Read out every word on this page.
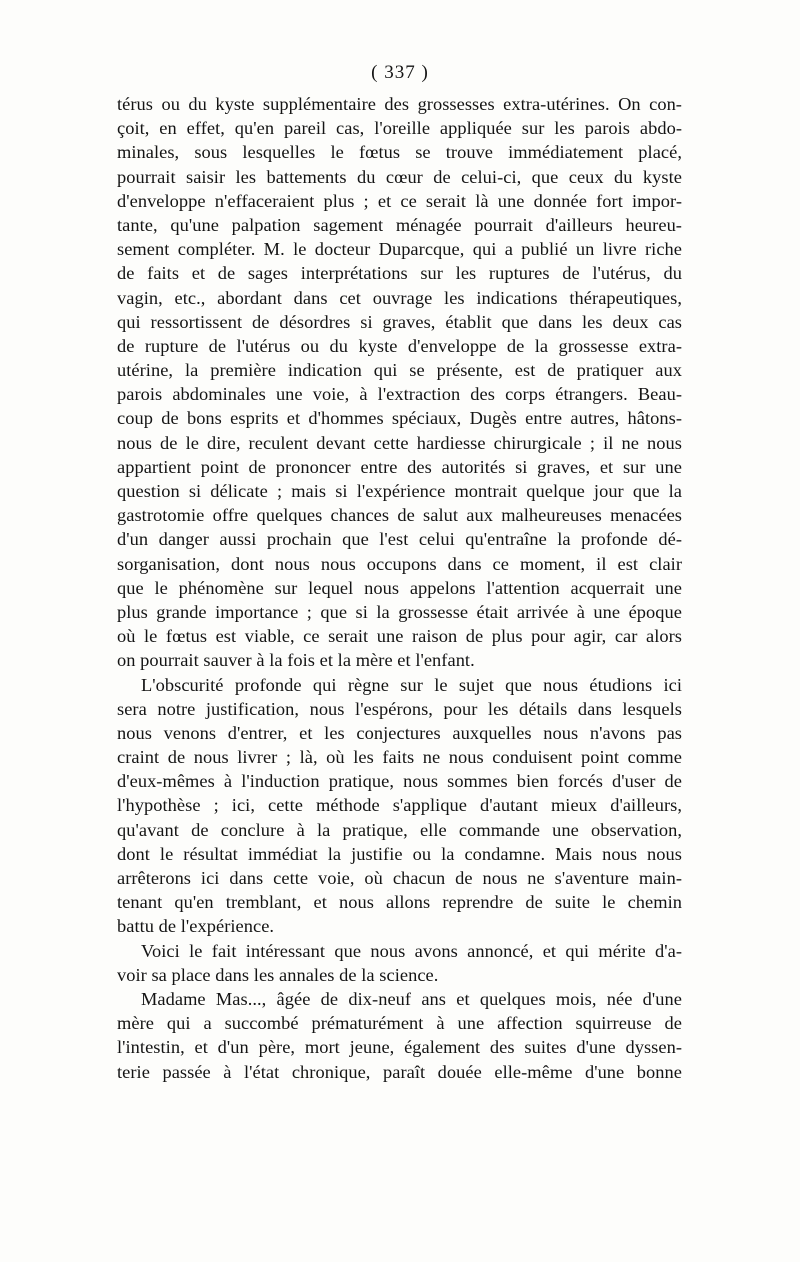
( 337 )
térus ou du kyste supplémentaire des grossesses extra-utérines. On con-
çoit, en effet, qu'en pareil cas, l'oreille appliquée sur les parois abdo-
minales, sous lesquelles le fœtus se trouve immédiatement placé,
pourrait saisir les battements du cœur de celui-ci, que ceux du kyste
d'enveloppe n'effaceraient plus ; et ce serait là une donnée fort impor-
tante, qu'une palpation sagement ménagée pourrait d'ailleurs heureu-
sement compléter. M. le docteur Duparcque, qui a publié un livre riche
de faits et de sages interprétations sur les ruptures de l'utérus, du
vagin, etc., abordant dans cet ouvrage les indications thérapeutiques,
qui ressortissent de désordres si graves, établit que dans les deux cas
de rupture de l'utérus ou du kyste d'enveloppe de la grossesse extra-
utérine, la première indication qui se présente, est de pratiquer aux
parois abdominales une voie, à l'extraction des corps étrangers. Beau-
coup de bons esprits et d'hommes spéciaux, Dugès entre autres, hâtons-
nous de le dire, reculent devant cette hardiesse chirurgicale ; il ne nous
appartient point de prononcer entre des autorités si graves, et sur une
question si délicate ; mais si l'expérience montrait quelque jour que la
gastrotomie offre quelques chances de salut aux malheureuses menacées
d'un danger aussi prochain que l'est celui qu'entraîne la profonde dé-
sorganisation, dont nous nous occupons dans ce moment, il est clair
que le phénomène sur lequel nous appelons l'attention acquerrait une
plus grande importance ; que si la grossesse était arrivée à une époque
où le fœtus est viable, ce serait une raison de plus pour agir, car alors
on pourrait sauver à la fois et la mère et l'enfant.
L'obscurité profonde qui règne sur le sujet que nous étudions ici
sera notre justification, nous l'espérons, pour les détails dans lesquels
nous venons d'entrer, et les conjectures auxquelles nous n'avons pas
craint de nous livrer ; là, où les faits ne nous conduisent point comme
d'eux-mêmes à l'induction pratique, nous sommes bien forcés d'user de
l'hypothèse ; ici, cette méthode s'applique d'autant mieux d'ailleurs,
qu'avant de conclure à la pratique, elle commande une observation,
dont le résultat immédiat la justifie ou la condamne. Mais nous nous
arrêterons ici dans cette voie, où chacun de nous ne s'aventure main-
tenant qu'en tremblant, et nous allons reprendre de suite le chemin
battu de l'expérience.
Voici le fait intéressant que nous avons annoncé, et qui mérite d'a-
voir sa place dans les annales de la science.
Madame Mas..., âgée de dix-neuf ans et quelques mois, née d'une
mère qui a succombé prématurément à une affection squirreuse de
l'intestin, et d'un père, mort jeune, également des suites d'une dyssen-
terie passée à l'état chronique, paraît douée elle-même d'une bonne
